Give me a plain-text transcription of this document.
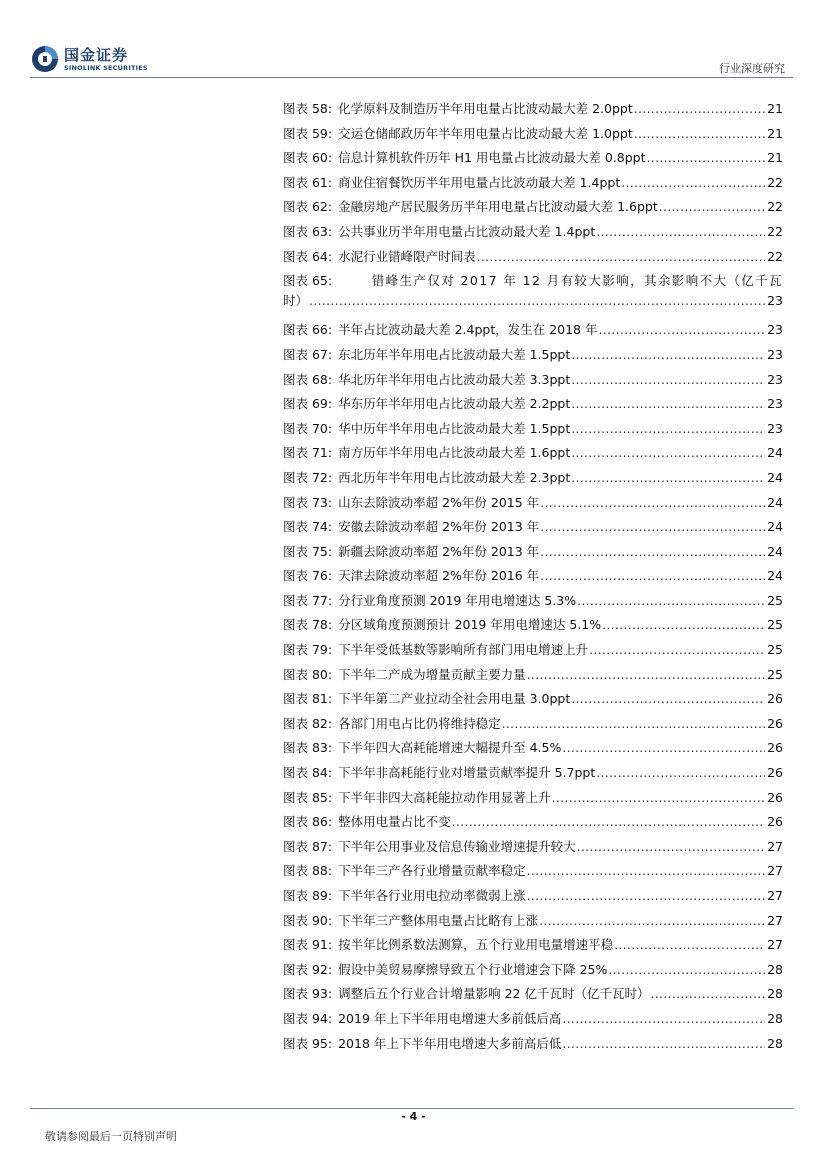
国金证券
SINOLINK SECURITIES	行业深度研究
图表 58: 化学原料及制造历半年用电量占比波动最大差 2.0ppt .....	21
图表 59: 交运仓储邮政历年半年用电量占比波动最大差 1.0ppt .....	21
图表 60: 信息计算机软件历年 H1 用电量占比波动最大差 0.8ppt .....	21
图表 61: 商业住宿餐饮历半年用电量占比波动最大差 1.4ppt .....	22
图表 62: 金融房地产居民服务历半年用电量占比波动最大差 1.6ppt .....	22
图表 63: 公共事业历半年用电量占比波动最大差 1.4ppt .....	22
图表 64: 水泥行业错峰限产时间表 .....	22
图表 65:	错峰生产仅对 2017 年 12 月有较大影响，其余影响不大（亿千瓦
时） .....	23
图表 66: 半年占比波动最大差 2.4ppt，发生在 2018 年 .....	23
图表 67: 东北历年半年用电占比波动最大差 1.5ppt .....	23
图表 68: 华北历年半年用电占比波动最大差 3.3ppt .....	23
图表 69: 华东历年半年用电占比波动最大差 2.2ppt .....	23
图表 70: 华中历年半年用电占比波动最大差 1.5ppt .....	23
图表 71: 南方历年半年用电占比波动最大差 1.6ppt .....	24
图表 72: 西北历年半年用电占比波动最大差 2.3ppt .....	24
图表 73: 山东去除波动率超 2%年份 2015 年 .....	24
图表 74: 安徽去除波动率超 2%年份 2013 年 .....	24
图表 75: 新疆去除波动率超 2%年份 2013 年 .....	24
图表 76: 天津去除波动率超 2%年份 2016 年 .....	24
图表 77: 分行业角度预测 2019 年用电增速达 5.3% .....	25
图表 78: 分区域角度预测预计 2019 年用电增速达 5.1% .....	25
图表 79: 下半年受低基数等影响所有部门用电增速上升 .....	25
图表 80: 下半年二产成为增量贡献主要力量 .....	25
图表 81: 下半年第二产业拉动全社会用电量 3.0ppt .....	26
图表 82: 各部门用电占比仍将维持稳定 .....	26
图表 83: 下半年四大高耗能增速大幅提升至 4.5% .....	26
图表 84: 下半年非高耗能行业对增量贡献率提升 5.7ppt .....	26
图表 85: 下半年非四大高耗能拉动作用显著上升 .....	26
图表 86: 整体用电量占比不变 .....	26
图表 87: 下半年公用事业及信息传输业增速提升较大 .....	27
图表 88: 下半年三产各行业增量贡献率稳定 .....	27
图表 89: 下半年各行业用电拉动率微弱上涨 .....	27
图表 90: 下半年三产整体用电量占比略有上涨 .....	27
图表 91: 按半年比例系数法测算，五个行业用电量增速平稳 .....	27
图表 92: 假设中美贸易摩擦导致五个行业增速会下降 25% .....	28
图表 93: 调整后五个行业合计增量影响 22 亿千瓦时（亿千瓦时） .....	28
图表 94: 2019 年上下半年用电增速大多前低后高 .....	28
图表 95: 2018 年上下半年用电增速大多前高后低 .....	28
- 4 -
敬请参阅最后一页特别声明
